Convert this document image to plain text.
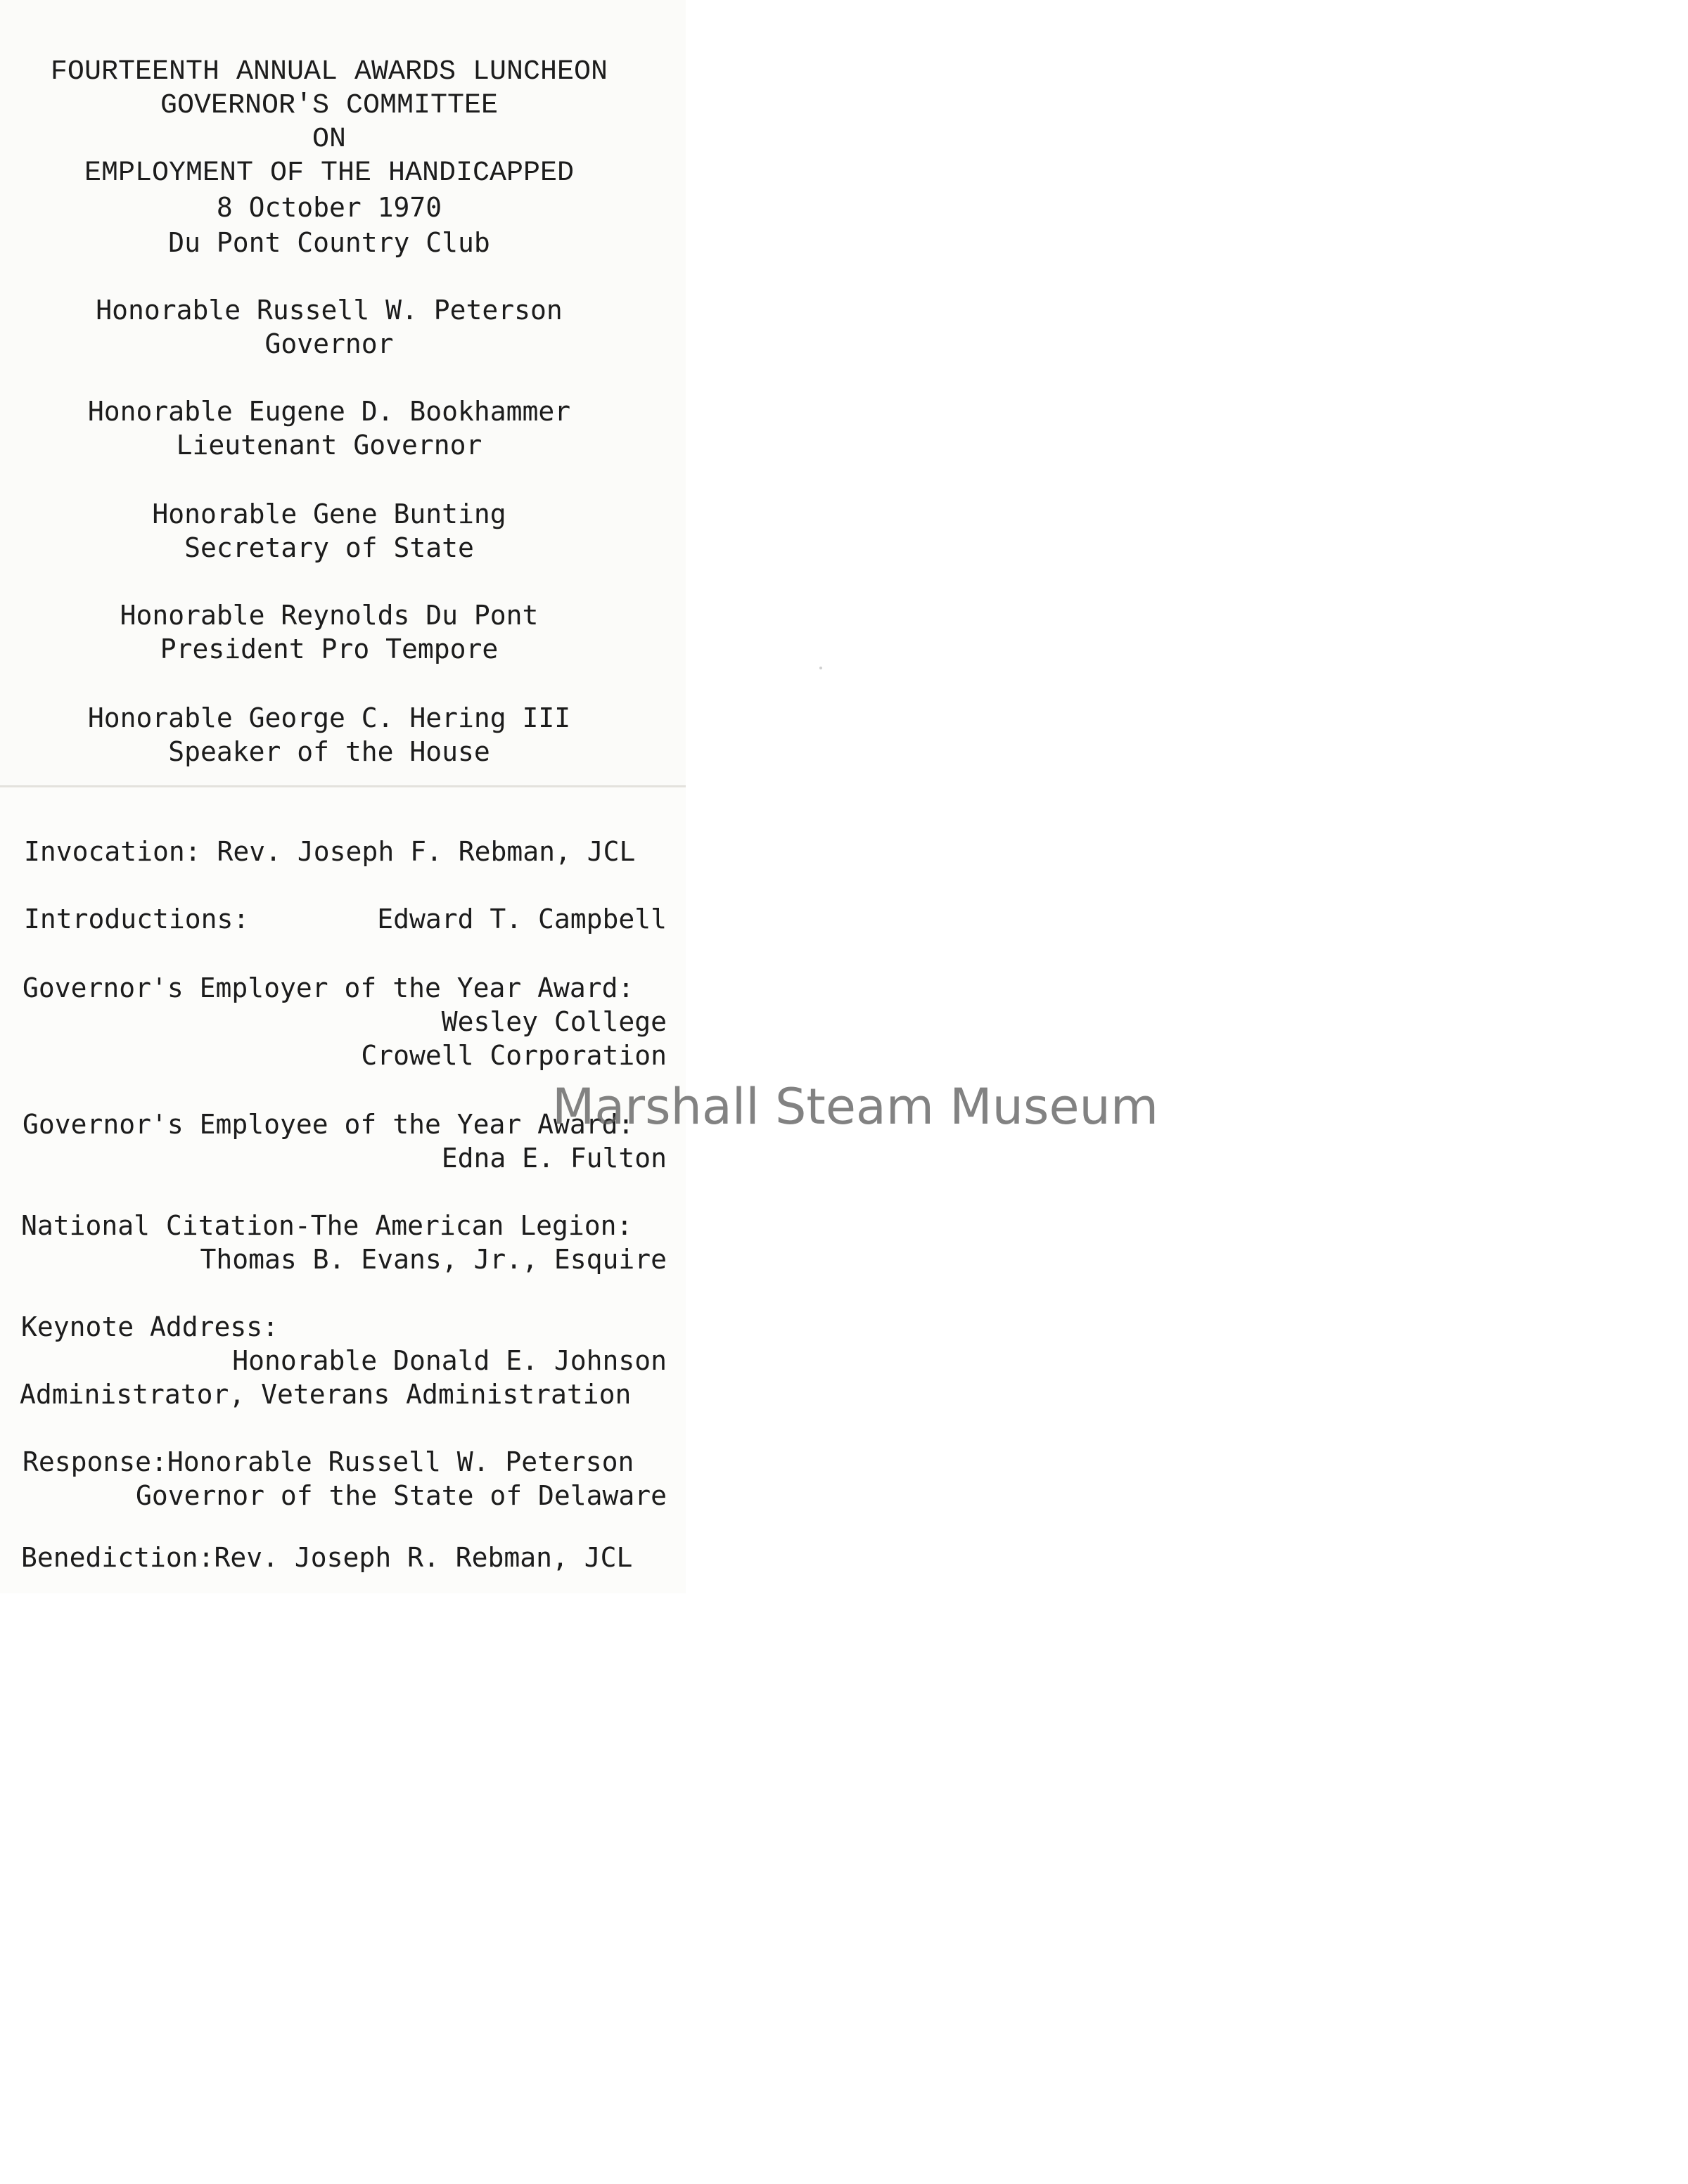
FOURTEENTH ANNUAL AWARDS LUNCHEON
GOVERNOR'S COMMITTEE
ON
EMPLOYMENT OF THE HANDICAPPED
8 October 1970
Du Pont Country Club
Honorable Russell W. Peterson
Governor
Honorable Eugene D. Bookhammer
Lieutenant Governor
Honorable Gene Bunting
Secretary of State
Honorable Reynolds Du Pont
President Pro Tempore
Honorable George C. Hering III
Speaker of the House
Invocation: Rev. Joseph F. Rebman, JCL
Introductions:	Edward T. Campbell
Governor's Employer of the Year Award:
Wesley College
Crowell Corporation
Governor's Employee of the Year Award:
Edna E. Fulton
National Citation-The American Legion:
Thomas B. Evans, Jr., Esquire
Keynote Address:
Honorable Donald E. Johnson
Administrator, Veterans Administration
Response:Honorable Russell W. Peterson
Governor of the State of Delaware
Benediction:Rev. Joseph R. Rebman, JCL
Marshall Steam Museum
